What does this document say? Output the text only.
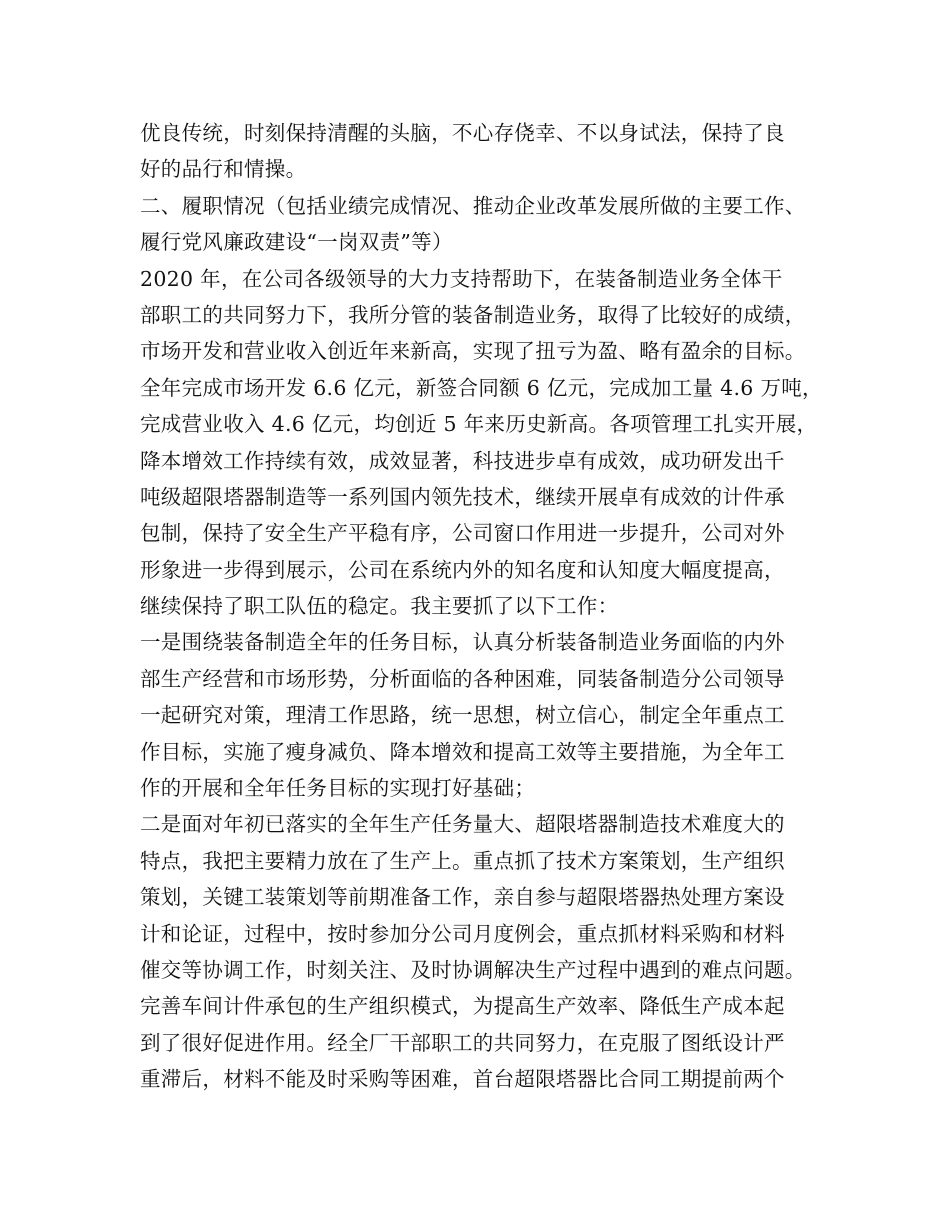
优良传统，时刻保持清醒的头脑，不心存侥幸、不以身试法，保持了良
好的品行和情操。
二、履职情况（包括业绩完成情况、推动企业改革发展所做的主要工作、
履行党风廉政建设“一岗双责”等）
2020 年，在公司各级领导的大力支持帮助下，在装备制造业务全体干
部职工的共同努力下，我所分管的装备制造业务，取得了比较好的成绩，
市场开发和营业收入创近年来新高，实现了扭亏为盈、略有盈余的目标。
全年完成市场开发 6.6 亿元，新签合同额 6 亿元，完成加工量 4.6 万吨，
完成营业收入 4.6 亿元，均创近 5 年来历史新高。各项管理工扎实开展，
降本增效工作持续有效，成效显著，科技进步卓有成效，成功研发出千
吨级超限塔器制造等一系列国内领先技术，继续开展卓有成效的计件承
包制，保持了安全生产平稳有序，公司窗口作用进一步提升，公司对外
形象进一步得到展示，公司在系统内外的知名度和认知度大幅度提高，
继续保持了职工队伍的稳定。我主要抓了以下工作：
一是围绕装备制造全年的任务目标，认真分析装备制造业务面临的内外
部生产经营和市场形势，分析面临的各种困难，同装备制造分公司领导
一起研究对策，理清工作思路，统一思想，树立信心，制定全年重点工
作目标，实施了瘦身减负、降本增效和提高工效等主要措施，为全年工
作的开展和全年任务目标的实现打好基础；
二是面对年初已落实的全年生产任务量大、超限塔器制造技术难度大的
特点，我把主要精力放在了生产上。重点抓了技术方案策划，生产组织
策划，关键工装策划等前期准备工作，亲自参与超限塔器热处理方案设
计和论证，过程中，按时参加分公司月度例会，重点抓材料采购和材料
催交等协调工作，时刻关注、及时协调解决生产过程中遇到的难点问题。
完善车间计件承包的生产组织模式，为提高生产效率、降低生产成本起
到了很好促进作用。经全厂干部职工的共同努力，在克服了图纸设计严
重滞后，材料不能及时采购等困难，首台超限塔器比合同工期提前两个
